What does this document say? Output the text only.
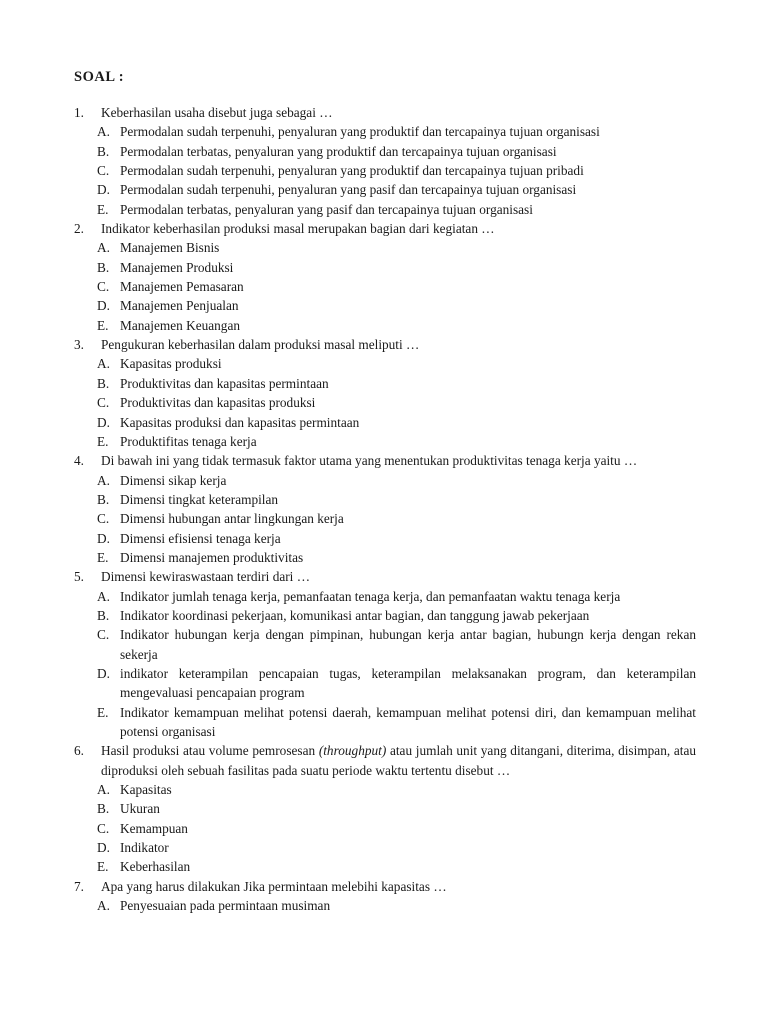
SOAL :
1.	Keberhasilan usaha disebut juga sebagai …
A. Permodalan sudah terpenuhi, penyaluran yang produktif dan tercapainya tujuan organisasi
B. Permodalan terbatas, penyaluran yang produktif dan tercapainya tujuan organisasi
C. Permodalan sudah terpenuhi, penyaluran yang produktif dan tercapainya tujuan pribadi
D. Permodalan sudah terpenuhi, penyaluran yang pasif dan tercapainya tujuan organisasi
E. Permodalan terbatas, penyaluran yang pasif dan tercapainya tujuan organisasi
2.	Indikator keberhasilan produksi masal merupakan bagian dari kegiatan …
A. Manajemen Bisnis
B. Manajemen Produksi
C. Manajemen Pemasaran
D. Manajemen Penjualan
E. Manajemen Keuangan
3.	Pengukuran keberhasilan dalam produksi masal meliputi …
A. Kapasitas produksi
B. Produktivitas dan kapasitas permintaan
C. Produktivitas dan kapasitas produksi
D. Kapasitas produksi dan kapasitas permintaan
E. Produktifitas tenaga kerja
4.	Di bawah ini yang tidak termasuk faktor utama yang menentukan produktivitas tenaga kerja yaitu …
A. Dimensi sikap kerja
B. Dimensi tingkat keterampilan
C. Dimensi hubungan antar lingkungan kerja
D. Dimensi efisiensi tenaga kerja
E. Dimensi manajemen produktivitas
5.	Dimensi kewiraswastaan terdiri dari …
A. Indikator jumlah tenaga kerja, pemanfaatan tenaga kerja, dan pemanfaatan waktu tenaga kerja
B. Indikator koordinasi pekerjaan, komunikasi antar bagian, dan tanggung jawab pekerjaan
C. Indikator hubungan kerja dengan pimpinan, hubungan kerja antar bagian, hubungn kerja dengan rekan sekerja
D. indikator keterampilan pencapaian tugas, keterampilan melaksanakan program, dan keterampilan mengevaluasi pencapaian program
E. Indikator kemampuan melihat potensi daerah, kemampuan melihat potensi diri, dan kemampuan melihat potensi organisasi
6.	Hasil produksi atau volume pemrosesan (throughput) atau jumlah unit yang ditangani, diterima, disimpan, atau diproduksi oleh sebuah fasilitas pada suatu periode waktu tertentu disebut …
A. Kapasitas
B. Ukuran
C. Kemampuan
D. Indikator
E. Keberhasilan
7.	Apa yang harus dilakukan Jika permintaan melebihi kapasitas …
A. Penyesuaian pada permintaan musiman
